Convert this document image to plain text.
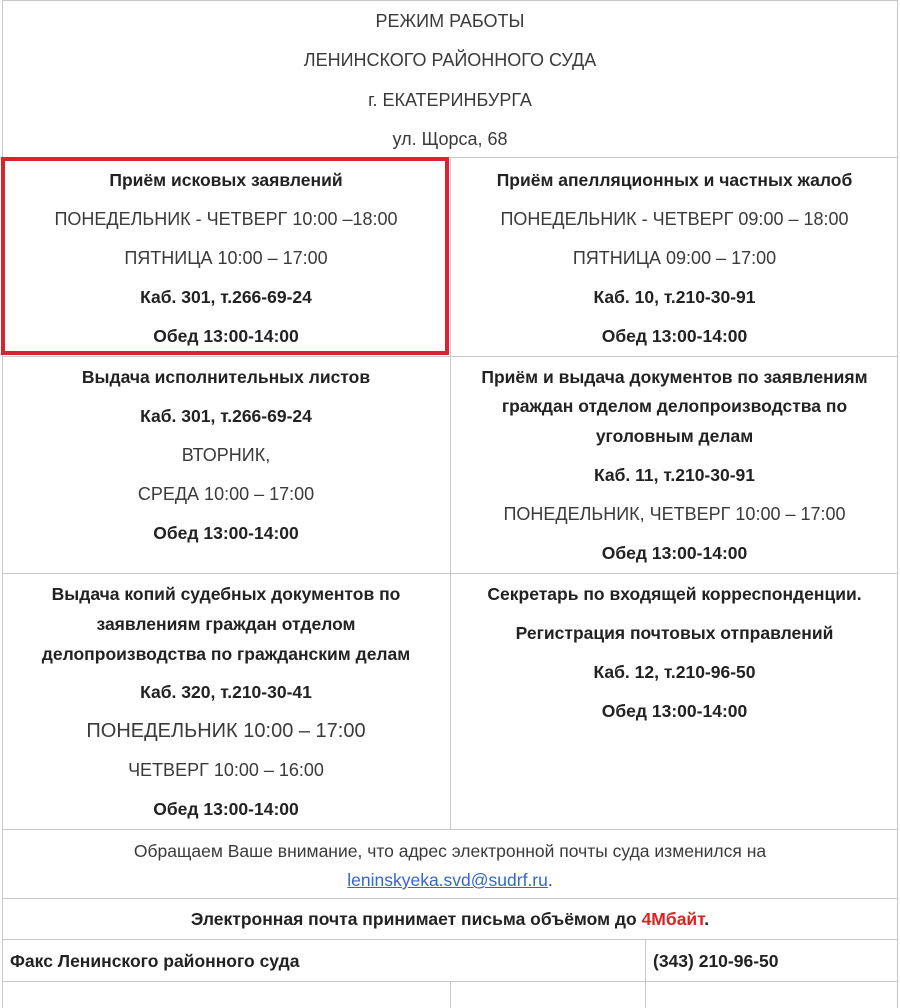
РЕЖИМ РАБОТЫ
ЛЕНИНСКОГО РАЙОННОГО СУДА
г. ЕКАТЕРИНБУРГА
ул. Щорса, 68
Приём исковых заявлений
ПОНЕДЕЛЬНИК - ЧЕТВЕРГ 10:00 –18:00
ПЯТНИЦА 10:00 – 17:00
Каб. 301, т.266-69-24
Обед 13:00-14:00
Приём апелляционных и частных жалоб
ПОНЕДЕЛЬНИК - ЧЕТВЕРГ 09:00 – 18:00
ПЯТНИЦА 09:00 – 17:00
Каб. 10, т.210-30-91
Обед 13:00-14:00
Выдача исполнительных листов
Каб. 301, т.266-69-24
ВТОРНИК,
СРЕДА 10:00 – 17:00
Обед 13:00-14:00
Приём и выдача документов по заявлениям
граждан отделом делопроизводства по
уголовным делам
Каб. 11, т.210-30-91
ПОНЕДЕЛЬНИК, ЧЕТВЕРГ 10:00 – 17:00
Обед 13:00-14:00
Выдача копий судебных документов по
заявлениям граждан отделом
делопроизводства по гражданским делам
Каб. 320, т.210-30-41
ПОНЕДЕЛЬНИК 10:00 – 17:00
ЧЕТВЕРГ 10:00 – 16:00
Обед 13:00-14:00
Секретарь по входящей корреспонденции.
Регистрация почтовых отправлений
Каб. 12, т.210-96-50
Обед 13:00-14:00
Обращаем Ваше внимание, что адрес электронной почты суда изменился на
leninskyeka.svd@sudrf.ru.
Электронная почта принимает письма объёмом до 4Мбайт.
Факс Ленинского районного суда	(343) 210-96-50
